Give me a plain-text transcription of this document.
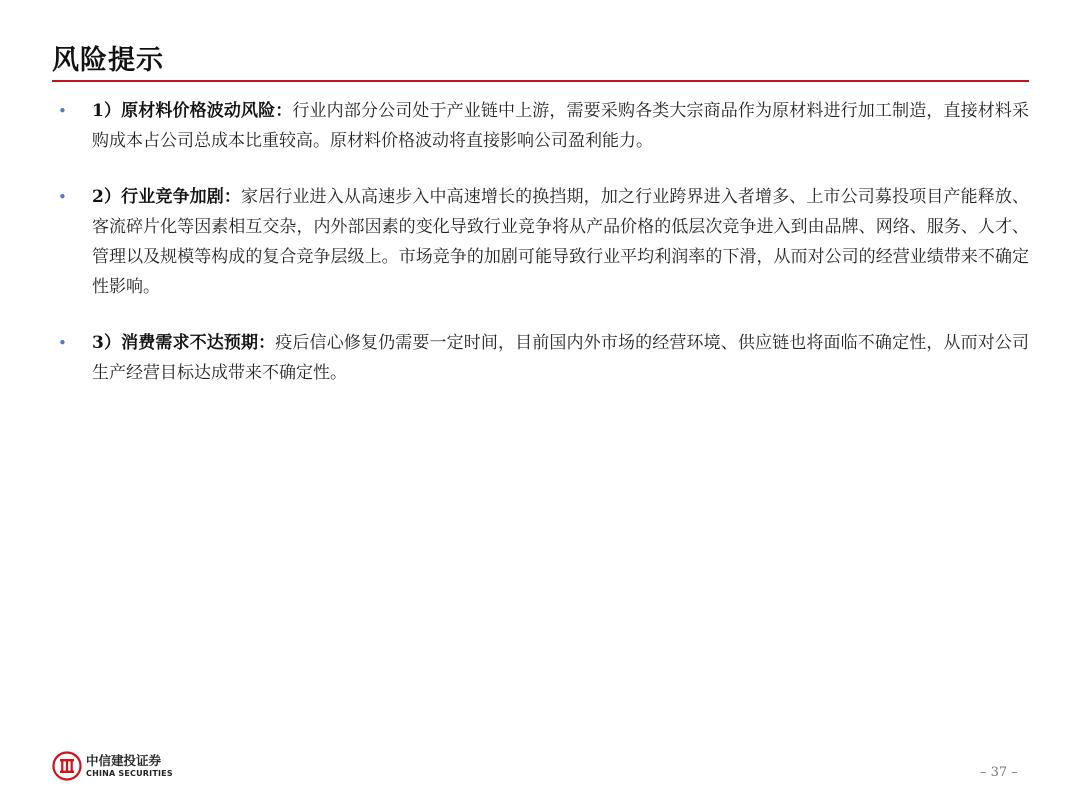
风险提示
• 1）原材料价格波动风险：行业内部分公司处于产业链中上游，需要采购各类大宗商品作为原材料进行加工制造，直接材料采购成本占公司总成本比重较高。原材料价格波动将直接影响公司盈利能力。

• 2）行业竞争加剧：家居行业进入从高速步入中高速增长的换挡期，加之行业跨界进入者增多、上市公司募投项目产能释放、客流碎片化等因素相互交杂，内外部因素的变化导致行业竞争将从产品价格的低层次竞争进入到由品牌、网络、服务、人才、管理以及规模等构成的复合竞争层级上。市场竞争的加剧可能导致行业平均利润率的下滑，从而对公司的经营业绩带来不确定性影响。

• 3）消费需求不达预期：疫后信心修复仍需要一定时间，目前国内外市场的经营环境、供应链也将面临不确定性，从而对公司生产经营目标达成带来不确定性。

中信建投证券
CHINA SECURITIES	– 37 –
